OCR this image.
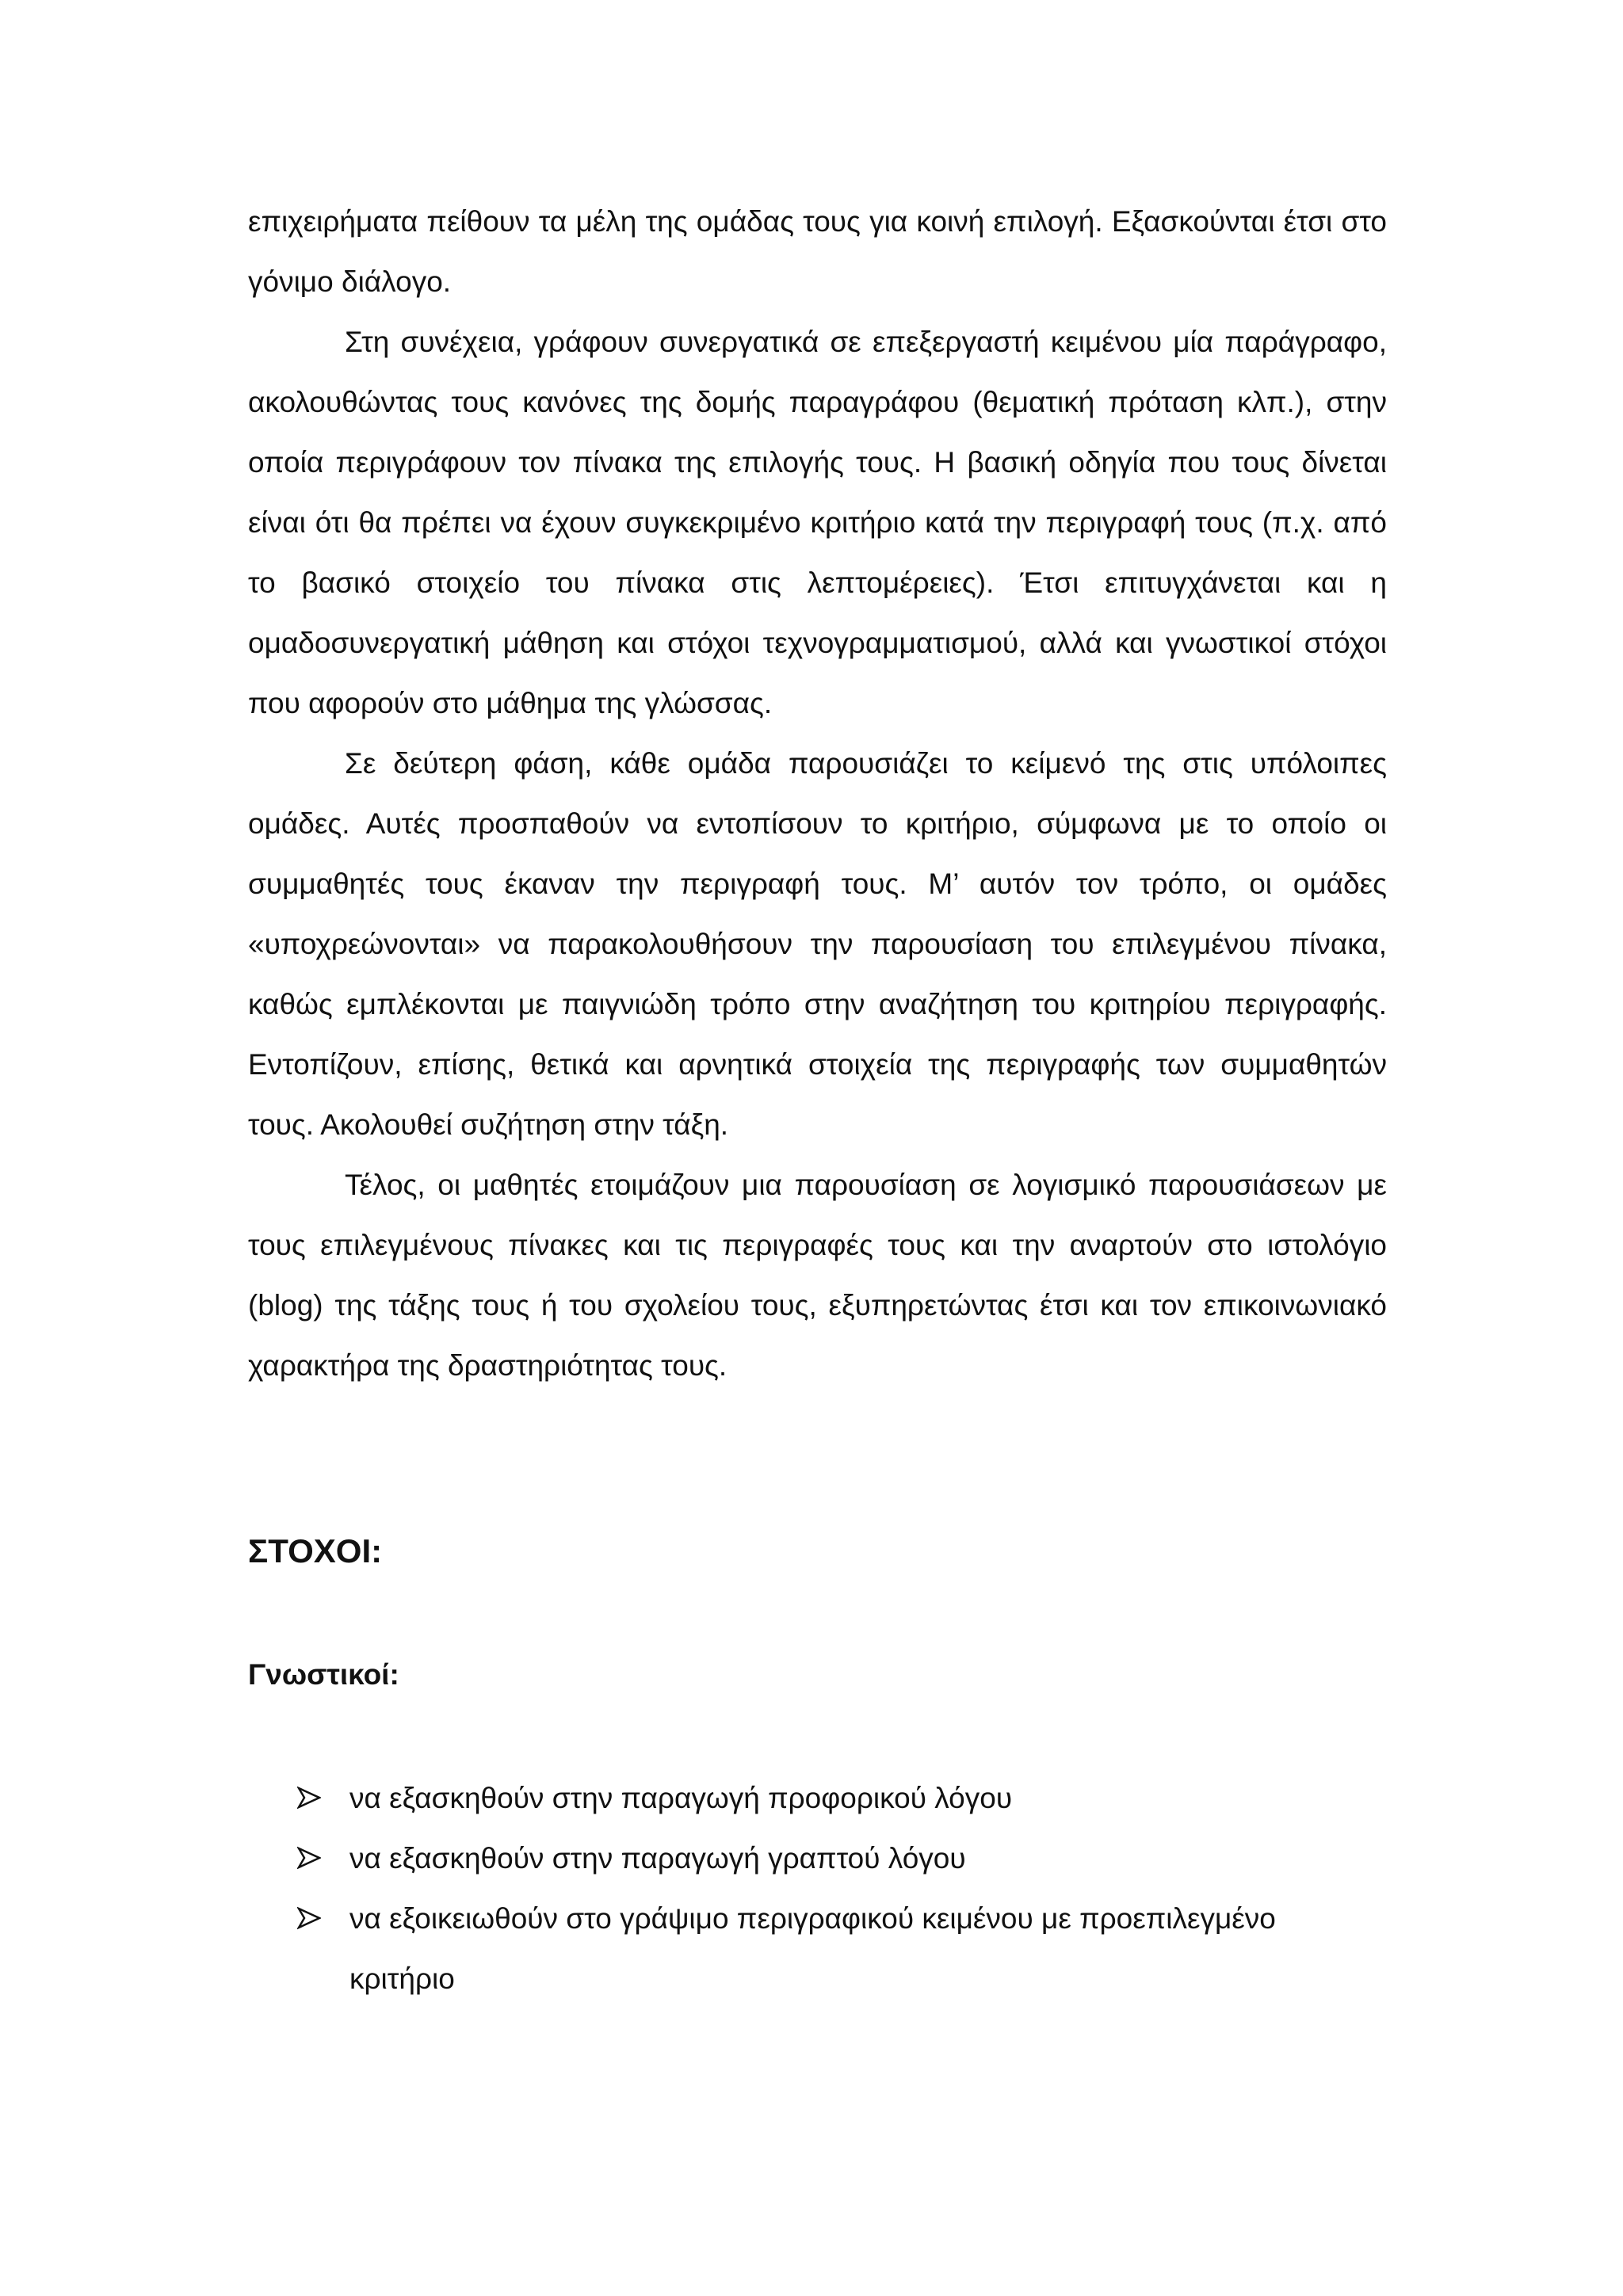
επιχειρήματα πείθουν τα μέλη της ομάδας τους για κοινή επιλογή. Εξασκούνται έτσι στο γόνιμο διάλογο.

Στη συνέχεια, γράφουν συνεργατικά σε επεξεργαστή κειμένου μία παράγραφο, ακολουθώντας τους κανόνες της δομής παραγράφου (θεματική πρόταση κλπ.), στην οποία περιγράφουν τον πίνακα της επιλογής τους. Η βασική οδηγία που τους δίνεται είναι ότι θα πρέπει να έχουν συγκεκριμένο κριτήριο κατά την περιγραφή τους (π.χ. από το βασικό στοιχείο του πίνακα στις λεπτομέρειες). Έτσι επιτυγχάνεται και η ομαδοσυνεργατική μάθηση και στόχοι τεχνογραμματισμού, αλλά και γνωστικοί στόχοι που αφορούν στο μάθημα της γλώσσας.

Σε δεύτερη φάση, κάθε ομάδα παρουσιάζει το κείμενό της στις υπόλοιπες ομάδες. Αυτές προσπαθούν να εντοπίσουν το κριτήριο, σύμφωνα με το οποίο οι συμμαθητές τους έκαναν την περιγραφή τους. Μ’ αυτόν τον τρόπο, οι ομάδες «υποχρεώνονται» να παρακολουθήσουν την παρουσίαση του επιλεγμένου πίνακα, καθώς εμπλέκονται με παιγνιώδη τρόπο στην αναζήτηση του κριτηρίου περιγραφής. Εντοπίζουν, επίσης, θετικά και αρνητικά στοιχεία της περιγραφής των συμμαθητών τους. Ακολουθεί συζήτηση στην τάξη.

Τέλος, οι μαθητές ετοιμάζουν μια παρουσίαση σε λογισμικό παρουσιάσεων με τους επιλεγμένους πίνακες και τις περιγραφές τους και την αναρτούν στο ιστολόγιο (blog) της τάξης τους ή του σχολείου τους, εξυπηρετώντας έτσι και τον επικοινωνιακό χαρακτήρα της δραστηριότητας τους.

ΣΤΟΧΟΙ:
Γνωστικοί:
να εξασκηθούν στην παραγωγή προφορικού λόγου
να εξασκηθούν στην παραγωγή γραπτού λόγου
να εξοικειωθούν στο γράψιμο περιγραφικού κειμένου με προεπιλεγμένο κριτήριο
